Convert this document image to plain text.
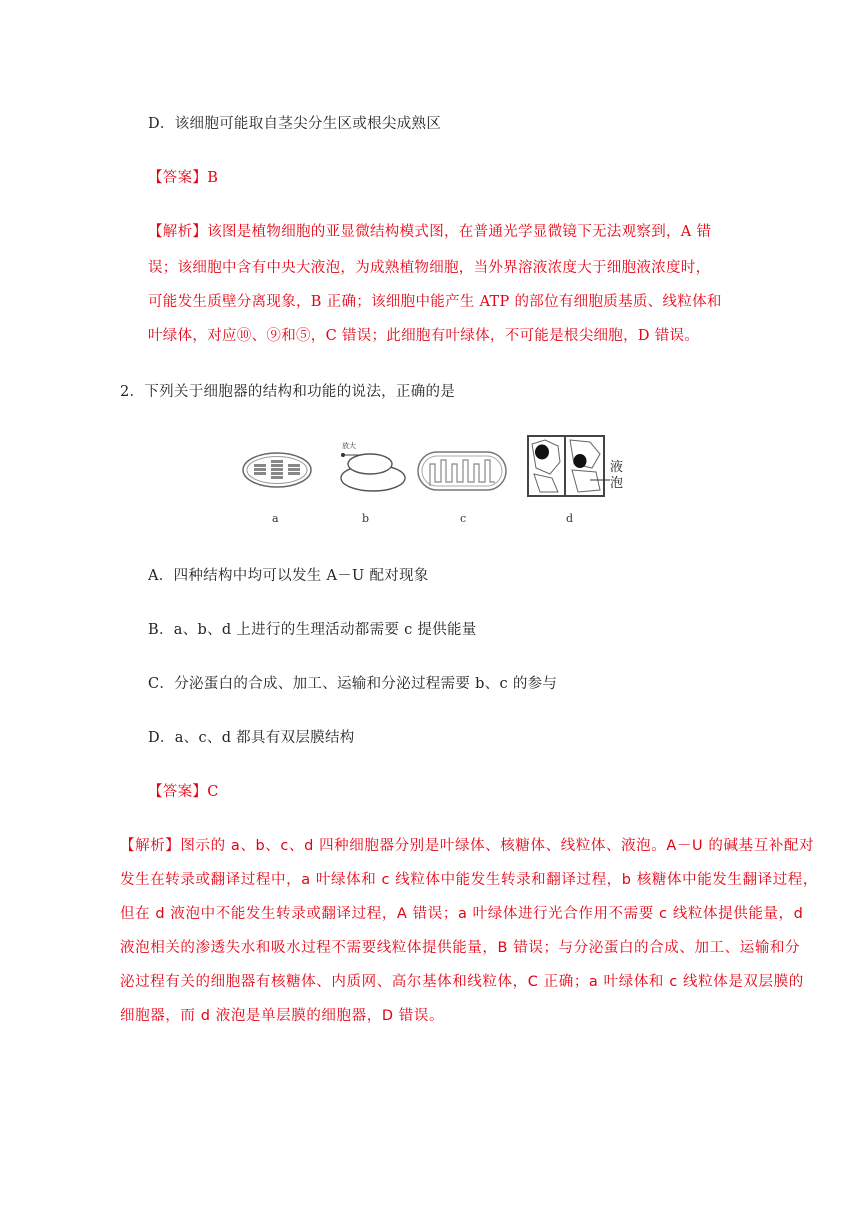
D．该细胞可能取自茎尖分生区或根尖成熟区
【答案】B
【解析】该图是植物细胞的亚显微结构模式图，在普通光学显微镜下无法观察到，A 错
误；该细胞中含有中央大液泡，为成熟植物细胞，当外界溶液浓度大于细胞液浓度时，
可能发生质壁分离现象，B 正确；该细胞中能产生 ATP 的部位有细胞质基质、线粒体和
叶绿体，对应⑩、⑨和⑤，C 错误；此细胞有叶绿体，不可能是根尖细胞，D 错误。
2．下列关于细胞器的结构和功能的说法，正确的是
放大
液
泡
a	b	c	d
A．四种结构中均可以发生 A－U 配对现象
B．a、b、d 上进行的生理活动都需要 c 提供能量
C．分泌蛋白的合成、加工、运输和分泌过程需要 b、c 的参与
D．a、c、d 都具有双层膜结构
【答案】C
【解析】图示的 a、b、c、d 四种细胞器分别是叶绿体、核糖体、线粒体、液泡。A－U 的碱基互补配对
发生在转录或翻译过程中，a 叶绿体和 c 线粒体中能发生转录和翻译过程，b 核糖体中能发生翻译过程，
但在 d 液泡中不能发生转录或翻译过程，A 错误；a 叶绿体进行光合作用不需要 c 线粒体提供能量，d
液泡相关的渗透失水和吸水过程不需要线粒体提供能量，B 错误；与分泌蛋白的合成、加工、运输和分
泌过程有关的细胞器有核糖体、内质网、高尔基体和线粒体，C 正确；a 叶绿体和 c 线粒体是双层膜的
细胞器，而 d 液泡是单层膜的细胞器，D 错误。
